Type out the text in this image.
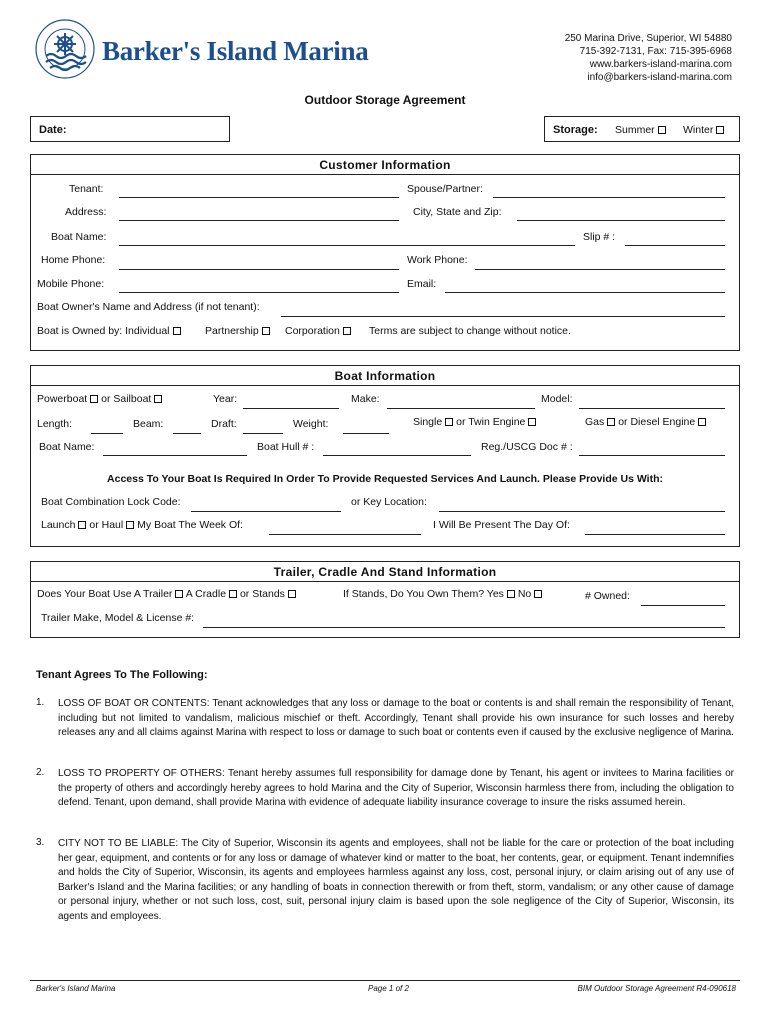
Barker's Island Marina	250 Marina Drive, Superior, WI 54880
715-392-7131, Fax: 715-395-6968
www.barkers-island-marina.com
info@barkers-island-marina.com
Outdoor Storage Agreement
Date:	Storage: Summer	Winter
Customer Information
Tenant:	Spouse/Partner:
Address:	City, State and Zip:
Boat Name:	Slip # :
Home Phone:	Work Phone:
Mobile Phone:	Email:
Boat Owner's Name and Address (if not tenant):
Boat is Owned by: Individual	Partnership	Corporation	Terms are subject to change without notice.
Boat Information
Powerboat or Sailboat	Year:	Make:	Model:
Length:	Beam:	Draft:	Weight:	Single or Twin Engine	Gas or Diesel Engine
Boat Name:	Boat Hull # :	Reg./USCG Doc # :
Access To Your Boat Is Required In Order To Provide Requested Services And Launch. Please Provide Us With:
Boat Combination Lock Code:	or Key Location:
Launch or Haul My Boat The Week Of:	I Will Be Present The Day Of:
Trailer, Cradle And Stand Information
Does Your Boat Use A Trailer A Cradle or Stands	If Stands, Do You Own Them? Yes No	# Owned:
Trailer Make, Model & License #:
Tenant Agrees To The Following:
1. LOSS OF BOAT OR CONTENTS: Tenant acknowledges that any loss or damage to the boat or contents is and shall remain the responsibility of Tenant, including but not limited to vandalism, malicious mischief or theft. Accordingly, Tenant shall provide his own insurance for such losses and hereby releases any and all claims against Marina with respect to loss or damage to such boat or contents even if caused by the exclusive negligence of Marina.
2. LOSS TO PROPERTY OF OTHERS: Tenant hereby assumes full responsibility for damage done by Tenant, his agent or invitees to Marina facilities or the property of others and accordingly hereby agrees to hold Marina and the City of Superior, Wisconsin harmless there from, including the obligation to defend. Tenant, upon demand, shall provide Marina with evidence of adequate liability insurance coverage to insure the risks assumed herein.
3. CITY NOT TO BE LIABLE: The City of Superior, Wisconsin its agents and employees, shall not be liable for the care or protection of the boat including her gear, equipment, and contents or for any loss or damage of whatever kind or matter to the boat, her contents, gear, or equipment. Tenant indemnifies and holds the City of Superior, Wisconsin, its agents and employees harmless against any loss, cost, personal injury, or claim arising out of any use of Barker's Island and the Marina facilities; or any handling of boats in connection therewith or from theft, storm, vandalism; or any other cause of damage or personal injury, whether or not such loss, cost, suit, personal injury claim is based upon the sole negligence of the City of Superior, Wisconsin, its agents and employees.
Barker's Island Marina	Page 1 of 2	BIM Outdoor Storage Agreement R4-090618
